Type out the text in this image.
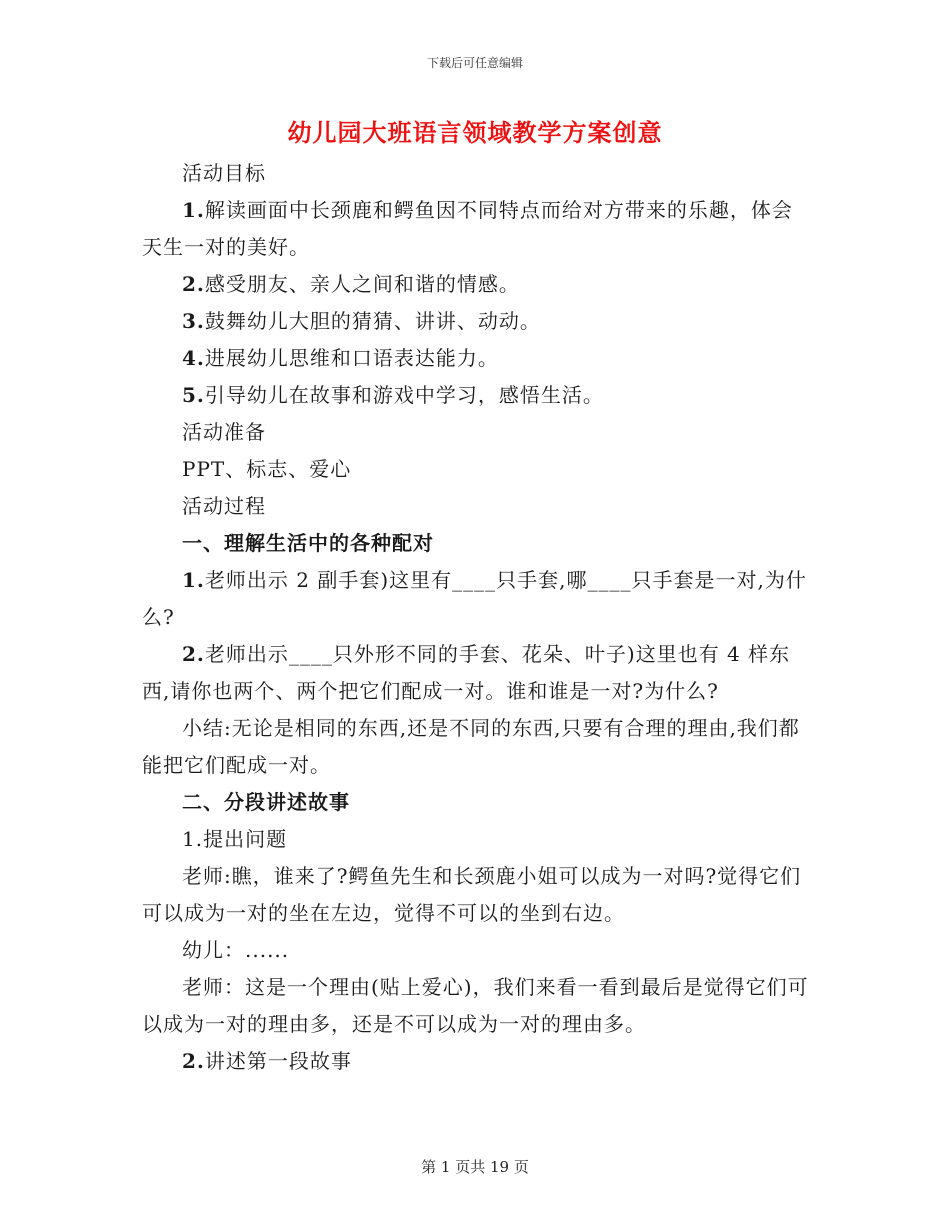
下载后可任意编辑
幼儿园大班语言领域教学方案创意

活动目标

1.解读画面中长颈鹿和鳄鱼因不同特点而给对方带来的乐趣，体会天生一对的美好。

2.感受朋友、亲人之间和谐的情感。

3.鼓舞幼儿大胆的猜猜、讲讲、动动。

4.进展幼儿思维和口语表达能力。

5.引导幼儿在故事和游戏中学习，感悟生活。

活动准备

PPT、标志、爱心

活动过程

一、理解生活中的各种配对

1.老师出示 2 副手套)这里有____只手套,哪____只手套是一对,为什么?

2.老师出示____只外形不同的手套、花朵、叶子)这里也有 4 样东西,请你也两个、两个把它们配成一对。谁和谁是一对?为什么?

小结:无论是相同的东西,还是不同的东西,只要有合理的理由,我们都能把它们配成一对。

二、分段讲述故事

1.提出问题

老师:瞧，谁来了?鳄鱼先生和长颈鹿小姐可以成为一对吗?觉得它们可以成为一对的坐在左边，觉得不可以的坐到右边。

幼儿：......

老师：这是一个理由(贴上爱心)，我们来看一看到最后是觉得它们可以成为一对的理由多，还是不可以成为一对的理由多。

2.讲述第一段故事

第 1 页共 19 页
